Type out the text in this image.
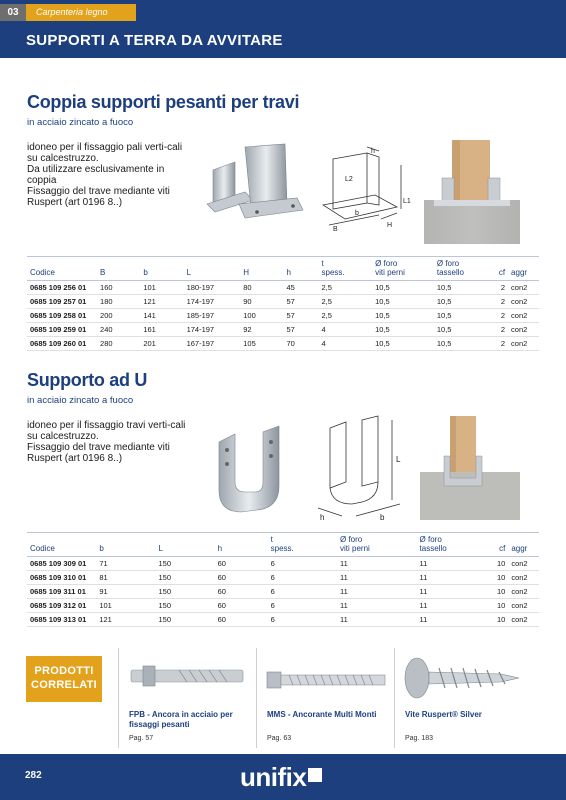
03	Carpenteria legno
SUPPORTI A TERRA DA AVVITARE
Coppia supporti pesanti per travi
in acciaio zincato a fuoco
idoneo per il fissaggio pali verti-cali su calcestruzzo.
Da utilizzare esclusivamente in coppia
Fissaggio del trave mediante viti Ruspert (art 0196 8..)
h
L2
L1
b
B
H
Codice	B	b	L	H	h	t
spess.	Ø foro
viti perni	Ø foro
tassello	cf	aggr
0685 109 256 01	160	101	180-197	80	45	2,5	10,5	10,5	2	con2
0685 109 257 01	180	121	174-197	90	57	2,5	10,5	10,5	2	con2
0685 109 258 01	200	141	185-197	100	57	2,5	10,5	10,5	2	con2
0685 109 259 01	240	161	174-197	92	57	4	10,5	10,5	2	con2
0685 109 260 01	280	201	167-197	105	70	4	10,5	10,5	2	con2
Supporto ad U
in acciaio zincato a fuoco
idoneo per il fissaggio travi verti-cali su calcestruzzo.
Fissaggio del trave mediante viti Ruspert (art 0196 8..)	L
h	b
Codice	b	L	h	t
spess.	Ø foro
viti perni	Ø foro
tassello	cf	aggr
0685 109 309 01	71	150	60	6	11	11	10	con2
0685 109 310 01	81	150	60	6	11	11	10	con2
0685 109 311 01	91	150	60	6	11	11	10	con2
0685 109 312 01	101	150	60	6	11	11	10	con2
0685 109 313 01	121	150	60	6	11	11	10	con2
PRODOTTI CORRELATI
FPB - Ancora in acciaio per fissaggi pesanti
Pag. 57
MMS - Ancorante Multi Monti
Pag. 63
Vite Ruspert® Silver
Pag. 183
282	unifix
